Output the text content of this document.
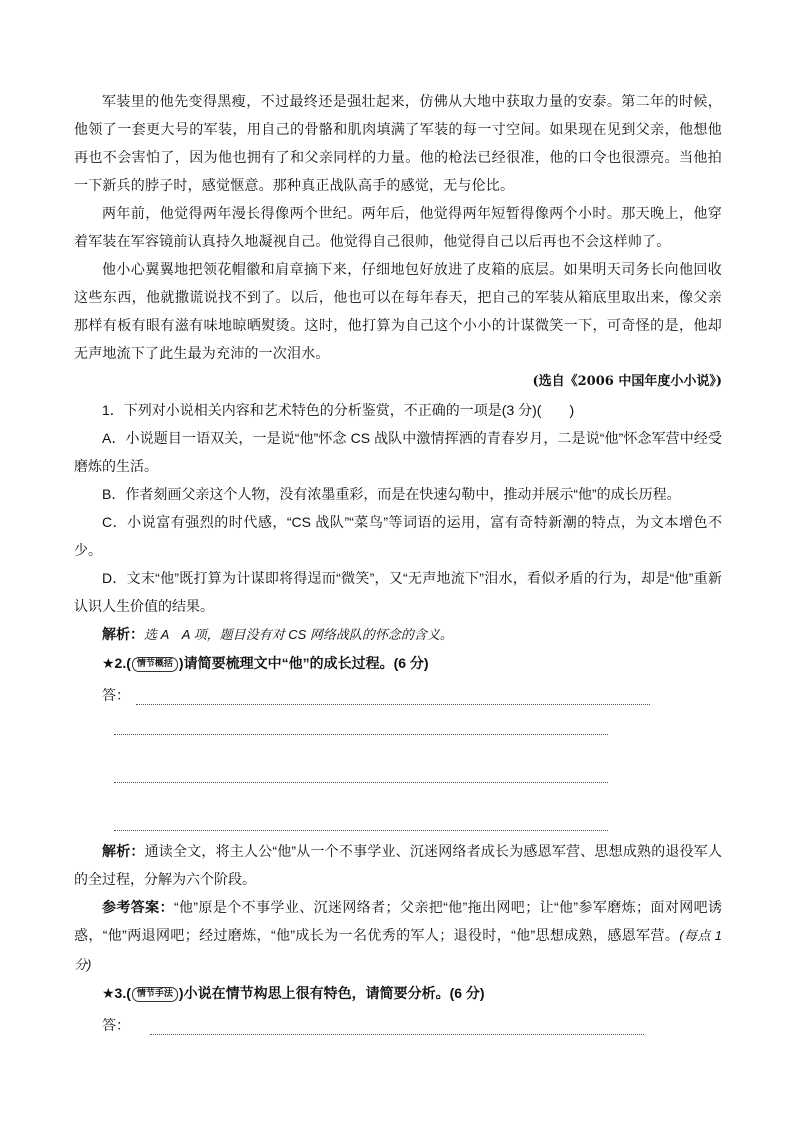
军装里的他先变得黑瘦，不过最终还是强壮起来，仿佛从大地中获取力量的安泰。第二年的时候，他领了一套更大号的军装，用自己的骨骼和肌肉填满了军装的每一寸空间。如果现在见到父亲，他想他再也不会害怕了，因为他也拥有了和父亲同样的力量。他的枪法已经很准，他的口令也很漂亮。当他拍一下新兵的脖子时，感觉惬意。那种真正战队高手的感觉，无与伦比。

两年前，他觉得两年漫长得像两个世纪。两年后，他觉得两年短暂得像两个小时。那天晚上，他穿着军装在军容镜前认真持久地凝视自己。他觉得自己很帅，他觉得自己以后再也不会这样帅了。

他小心翼翼地把领花帽徽和肩章摘下来，仔细地包好放进了皮箱的底层。如果明天司务长向他回收这些东西，他就撒谎说找不到了。以后，他也可以在每年春天，把自己的军装从箱底里取出来，像父亲那样有板有眼有滋有味地晾晒熨烫。这时，他打算为自己这个小小的计谋微笑一下，可奇怪的是，他却无声地流下了此生最为充沛的一次泪水。

(选自《2006 中国年度小小说》)

1．下列对小说相关内容和艺术特色的分析鉴赏，不正确的一项是(3 分)(　　)

A．小说题目一语双关，一是说“他”怀念 CS 战队中激情挥洒的青春岁月，二是说“他”怀念军营中经受磨炼的生活。

B．作者刻画父亲这个人物，没有浓墨重彩，而是在快速勾勒中，推动并展示“他”的成长历程。

C．小说富有强烈的时代感，“CS 战队”“菜鸟”等词语的运用，富有奇特新潮的特点，为文本增色不少。

D．文末“他”既打算为计谋即将得逞而“微笑”，又“无声地流下”泪水，看似矛盾的行为，却是“他”重新认识人生价值的结果。

解析：选 A　A 项，题目没有对 CS 网络战队的怀念的含义。

★2.( 情节概括 )请简要梳理文中“他”的成长过程。(6 分)

答：

解析：通读全文，将主人公“他”从一个不事学业、沉迷网络者成长为感恩军营、思想成熟的退役军人的全过程，分解为六个阶段。

参考答案：“他”原是个不事学业、沉迷网络者；父亲把“他”拖出网吧；让“他”参军磨炼；面对网吧诱惑，“他”两退网吧；经过磨炼，“他”成长为一名优秀的军人；退役时，“他”思想成熟，感恩军营。(每点 1 分)

★3.( 情节手法 )小说在情节构思上很有特色，请简要分析。(6 分)

答：
